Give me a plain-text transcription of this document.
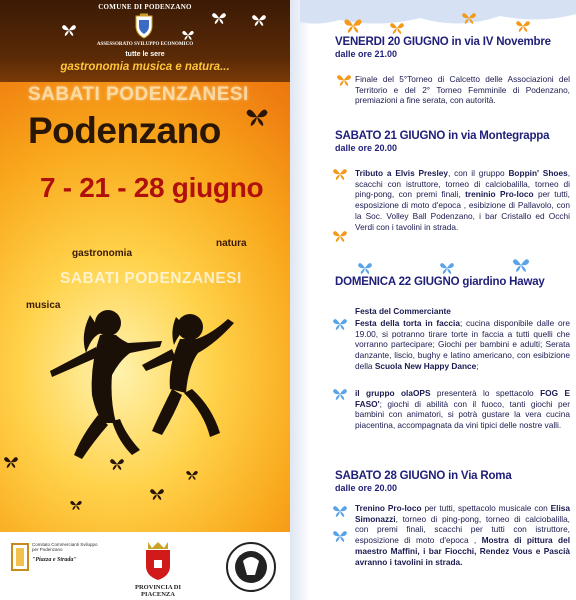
COMUNE DI PODENZANO
ASSESSORATO SVILUPPO ECONOMICO
tutte le sere
gastronomia musica e natura...
SABATI PODENZANESI
Podenzano
7 - 21 - 28 giugno
natura
gastronomia
SABATI PODENZANESI
musica
Comitato Commercianti Sviluppo per Podenzano
"Piazza e Strada"
PROVINCIA DI PIACENZA
VENERDI 20 GIUGNO in via IV Novembre
dalle ore 21.00
Finale del 5°Torneo di Calcetto delle Associazioni del Territorio e del 2° Torneo Femminile di Podenzano, premiazioni a fine serata, con autorità.
SABATO 21 GIUGNO in via Montegrappa
dalle ore 20.00
Tributo a Elvis Presley, con il gruppo Boppin' Shoes, scacchi con istruttore, torneo di calciobalilla, torneo di ping-pong, con premi finali, treninio Pro-loco per tutti, esposizione di moto d'epoca , esibizione di Pallavolo, con la Soc. Volley Ball Podenzano, i bar Cristallo ed Occhi Verdi con i tavolini in strada.
DOMENICA 22 GIUGNO giardino Haway
Festa del Commerciante
Festa della torta in faccia; cucina disponibile dalle ore 19.00, si potranno tirare torte in faccia a tutti quelli che vorranno partecipare; Giochi per bambini e adulti; Serata danzante, liscio, bughy e latino americano, con esibizione della Scuola New Happy Dance;
il gruppo olaOPS presenterà lo spettacolo FOG E FASO'; giochi di abilità con il fuoco, tanti giochi per bambini con animatori, si potrà gustare la vera cucina piacentina, accompagnata da vini tipici delle nostre valli.
SABATO 28 GIUGNO in Via Roma
dalle ore 20.00
Trenino Pro-loco per tutti, spettacolo musicale con Elisa Simonazzi, torneo di ping-pong, torneo di calciobalilla, con premi finali, scacchi per tutti con istruttore, esposizione di moto d'epoca , Mostra di pittura del maestro Maffini, i bar Fiocchi, Rendez Vous e Pascià avranno i tavolini in strada.
